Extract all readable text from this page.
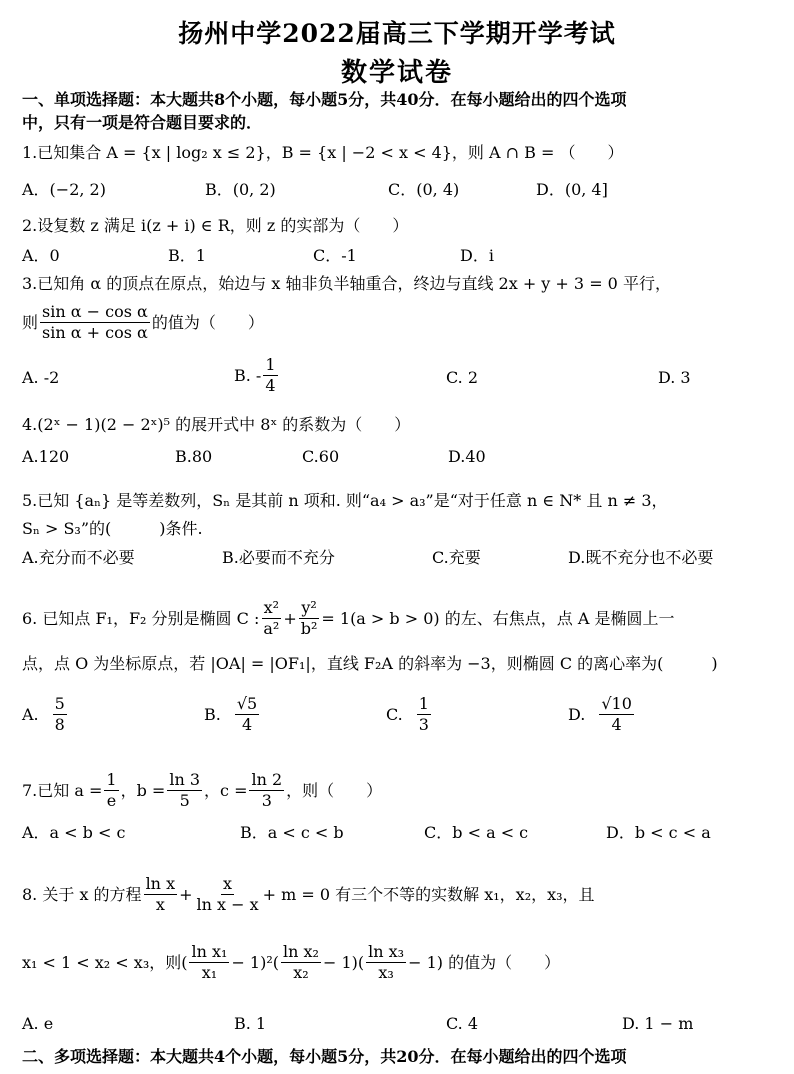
扬州中学2022届高三下学期开学考试
数学试卷
一、单项选择题：本大题共8个小题，每小题5分，共40分．在每小题给出的四个选项
中，只有一项是符合题目要求的．
1.已知集合 A = {x | log₂ x ≤ 2}，B = {x | −2 < x < 4}，则 A ∩ B = （　　）
A．(−2, 2)	B．(0, 2)	C．(0, 4)	D．(0, 4]
2.设复数 z 满足 i(z + i) ∈ R，则 z 的实部为（　　）
A．0	B．1	C．-1	D．i
3.已知角 α 的顶点在原点，始边与 x 轴非负半轴重合，终边与直线 2x + y + 3 = 0 平行，
则 $\frac{\text{sin α − cos α}}{\text{sin α + cos α}}$ 的值为（　　）
A. -2	B. - $\frac{1}{4}$	C. 2	D. 3
4.(2ˣ − 1)(2 − 2ˣ)⁵ 的展开式中 8ˣ 的系数为（　　）
A.120	B.80	C.60	D.40
5.已知 {aₙ} 是等差数列，Sₙ 是其前 n 项和. 则“a₄ > a₃”是“对于任意 n ∈ N* 且 n ≠ 3，
Sₙ > S₃”的(　　　)条件.
A.充分而不必要	B.必要而不充分	C.充要	D.既不充分也不必要
6. 已知点 F₁，F₂ 分别是椭圆 C : $\frac{\text{x²}}{\text{a²}} + \frac{\text{y²}}{\text{b²}} = 1(a > b > 0)$ 的左、右焦点，点 A 是椭圆上一
点，点 O 为坐标原点，若 |OA| = |OF₁|，直线 F₂A 的斜率为 −3，则椭圆 C 的离心率为(　　　)
A. $\frac{5}{8}$	B. $\frac{√5}{4}$	C. $\frac{1}{3}$	D. $\frac{√10}{4}$
7.已知 $a = \frac{1}{e}$ ，$b = \frac{\ln 3}{5}$ ，$c = \frac{\ln 2}{3}$ ，则（　　）
A．a < b < c	B．a < c < b	C．b < a < c	D．b < c < a
8. 关于 x 的方程 $\frac{\text{ln x}}{x} + \frac{x}{\text{ln x − x}} + m = 0$ 有三个不等的实数解 x₁，x₂，x₃，且
x₁ < 1 < x₂ < x₃，则( $\frac{\text{ln x₁}}{\text{x₁}} - 1)^2( \frac{\text{ln x₂}}{\text{x₂}} - 1)( \frac{\text{ln x₃}}{\text{x₃}} - 1)$ 的值为（　　）
A. e	B. 1	C. 4	D. 1 − m
二、多项选择题：本大题共4个小题，每小题5分，共20分．在每小题给出的四个选项
